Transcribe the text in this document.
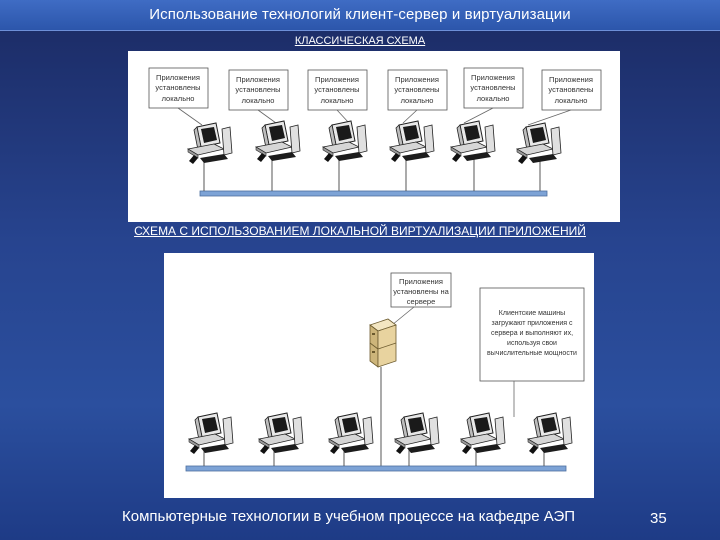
Использование технологий клиент-сервер и виртуализации
КЛАССИЧЕСКАЯ СХЕМА
Приложения
установлены
локально
Приложения
установлены
локально
Приложения
установлены
локально
Приложения
установлены
локально
Приложения
установлены
локально
Приложения
установлены
локально
СХЕМА С ИСПОЛЬЗОВАНИЕМ ЛОКАЛЬНОЙ ВИРТУАЛИЗАЦИИ ПРИЛОЖЕНИЙ
Приложения
установлены на
сервере
Клиентские машины
загружают приложения с
сервера и выполняют их,
используя свои
вычислительные мощности
Компьютерные технологии в учебном процессе на кафедре АЭП	35
